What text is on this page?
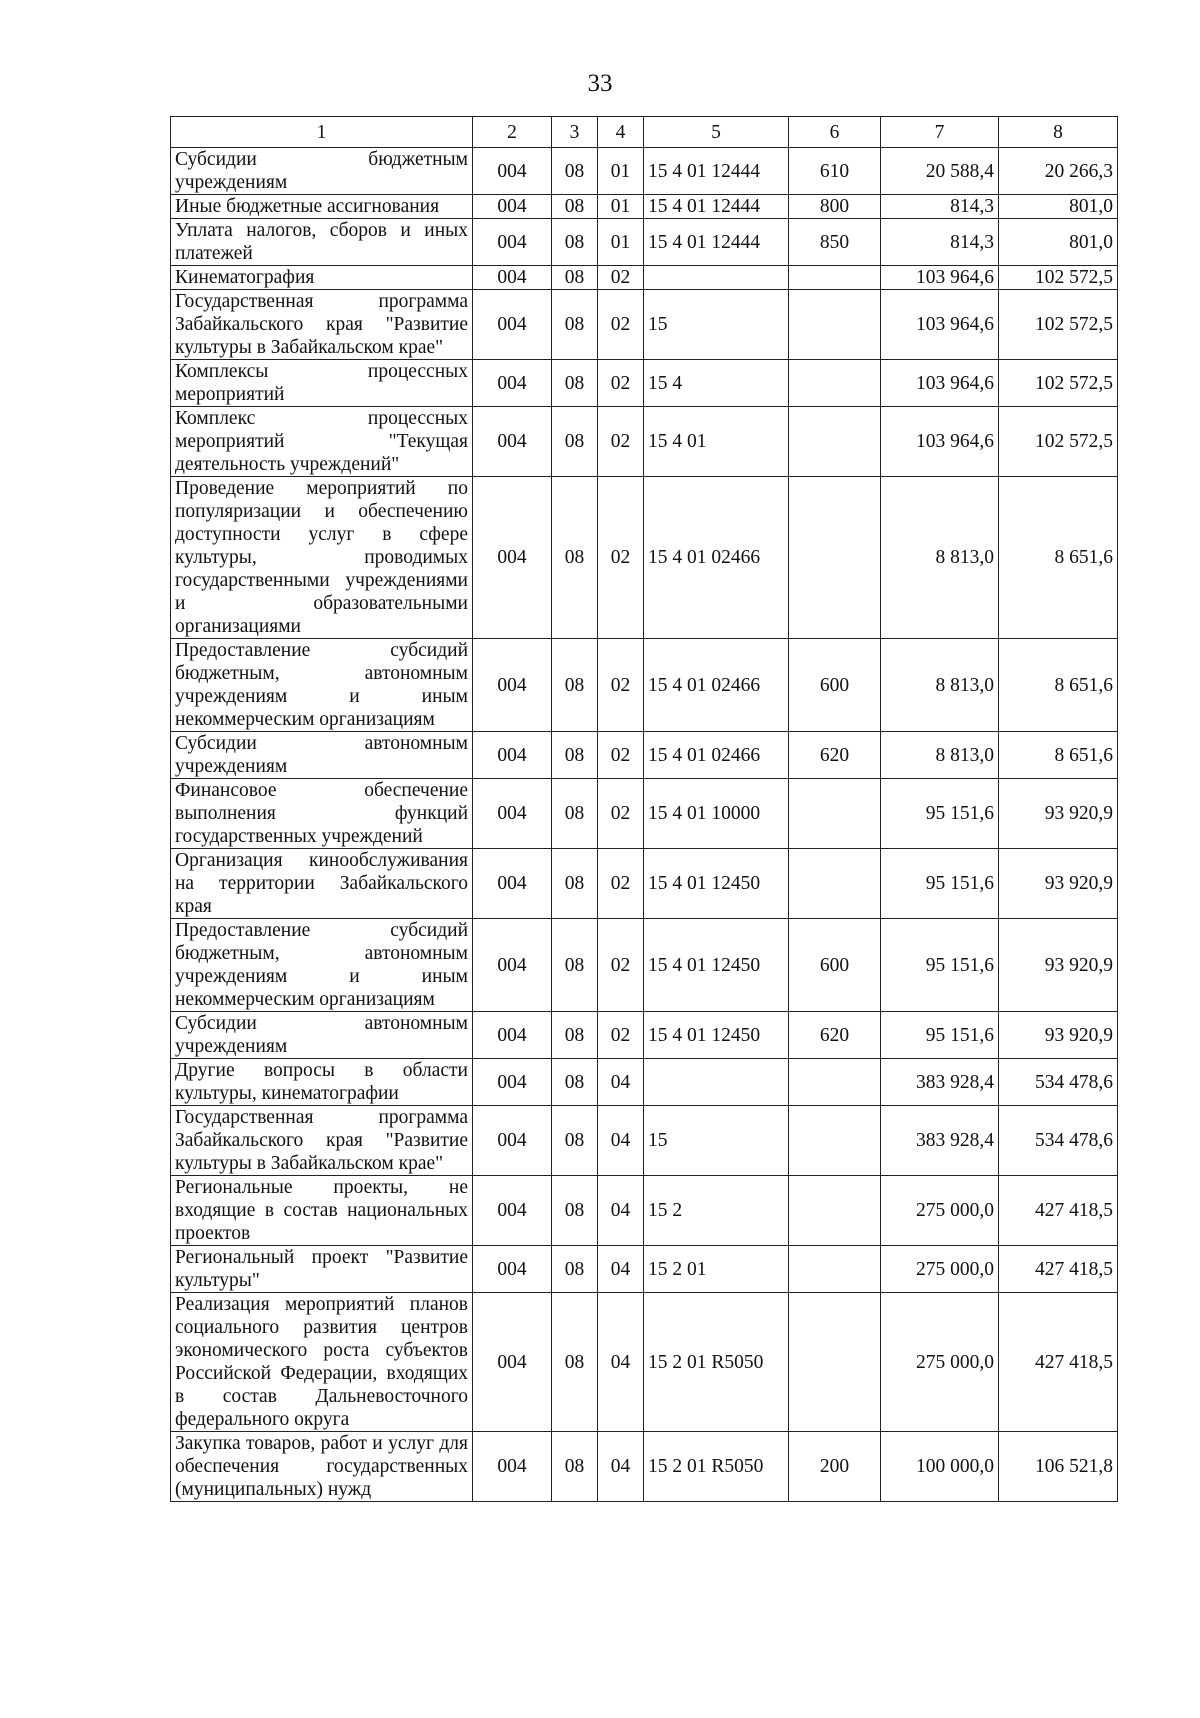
33
1	2	3	4	5	6	7	8
Субсидии бюджетным учреждениям	004	08	01	15 4 01 12444	610	20 588,4	20 266,3
Иные бюджетные ассигнования	004	08	01	15 4 01 12444	800	814,3	801,0
Уплата налогов, сборов и иных платежей	004	08	01	15 4 01 12444	850	814,3	801,0
Кинематография	004	08	02			103 964,6	102 572,5
Государственная программа Забайкальского края "Развитие культуры в Забайкальском крае"	004	08	02	15		103 964,6	102 572,5
Комплексы процессных мероприятий	004	08	02	15 4		103 964,6	102 572,5
Комплекс процессных мероприятий "Текущая деятельность учреждений"	004	08	02	15 4 01		103 964,6	102 572,5
Проведение мероприятий по популяризации и обеспечению доступности услуг в сфере культуры, проводимых государственными учреждениями и образовательными организациями	004	08	02	15 4 01 02466		8 813,0	8 651,6
Предоставление субсидий бюджетным, автономным учреждениям и иным некоммерческим организациям	004	08	02	15 4 01 02466	600	8 813,0	8 651,6
Субсидии автономным учреждениям	004	08	02	15 4 01 02466	620	8 813,0	8 651,6
Финансовое обеспечение выполнения функций государственных учреждений	004	08	02	15 4 01 10000		95 151,6	93 920,9
Организация кинообслуживания на территории Забайкальского края	004	08	02	15 4 01 12450		95 151,6	93 920,9
Предоставление субсидий бюджетным, автономным учреждениям и иным некоммерческим организациям	004	08	02	15 4 01 12450	600	95 151,6	93 920,9
Субсидии автономным учреждениям	004	08	02	15 4 01 12450	620	95 151,6	93 920,9
Другие вопросы в области культуры, кинематографии	004	08	04			383 928,4	534 478,6
Государственная программа Забайкальского края "Развитие культуры в Забайкальском крае"	004	08	04	15		383 928,4	534 478,6
Региональные проекты, не входящие в состав национальных проектов	004	08	04	15 2		275 000,0	427 418,5
Региональный проект "Развитие культуры"	004	08	04	15 2 01		275 000,0	427 418,5
Реализация мероприятий планов социального развития центров экономического роста субъектов Российской Федерации, входящих в состав Дальневосточного федерального округа	004	08	04	15 2 01 R5050		275 000,0	427 418,5
Закупка товаров, работ и услуг для обеспечения государственных (муниципальных) нужд	004	08	04	15 2 01 R5050	200	100 000,0	106 521,8
